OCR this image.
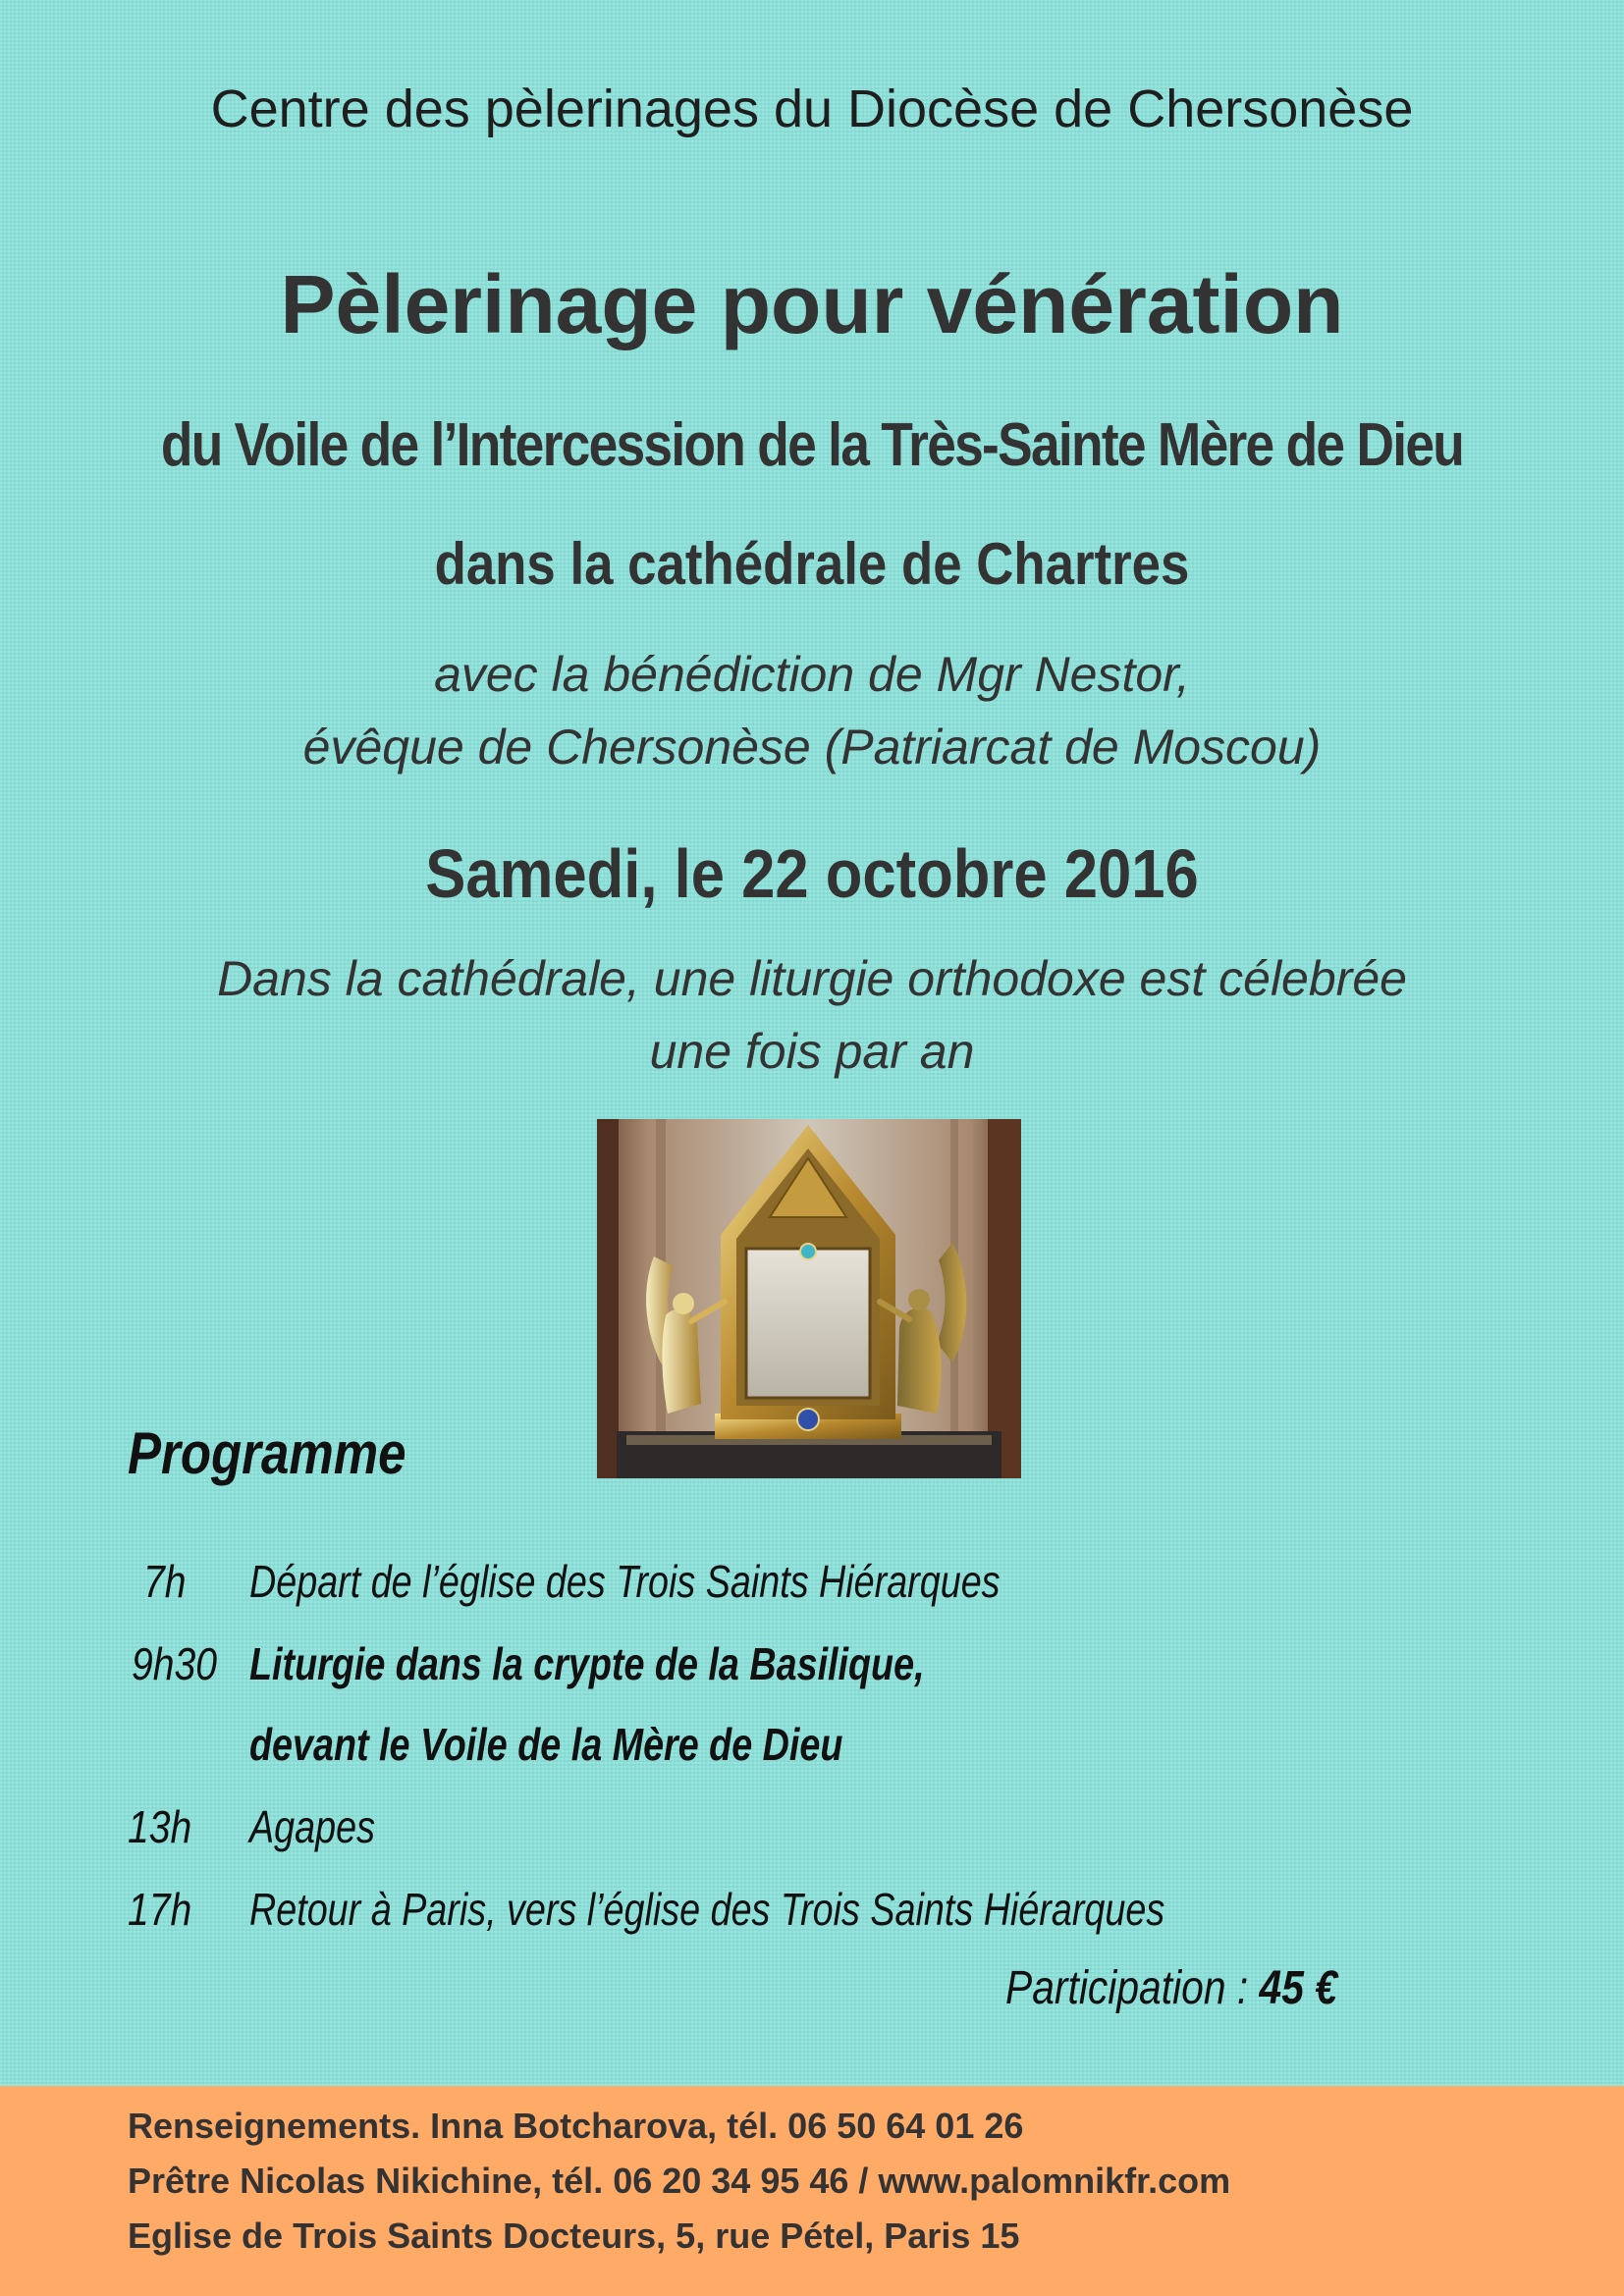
Centre des pèlerinages du Diocèse de Chersonèse
Pèlerinage pour vénération
du Voile de l’Intercession de la Très-Sainte Mère de Dieu
dans la cathédrale de Chartres
avec la bénédiction de Mgr Nestor,
évêque de Chersonèse (Patriarcat de Moscou)
Samedi, le 22 octobre 2016
Dans la cathédrale, une liturgie orthodoxe est célebrée
une fois par an
Programme
7h Départ de l’église des Trois Saints Hiérarques
9h30 Liturgie dans la crypte de la Basilique,
devant le Voile de la Mère de Dieu
13h Agapes
17h Retour à Paris, vers l’église des Trois Saints Hiérarques
Participation : 45 €
Renseignements. Inna Botcharova, tél. 06 50 64 01 26
Prêtre Nicolas Nikichine, tél. 06 20 34 95 46 / www.palomnikfr.com
Eglise de Trois Saints Docteurs, 5, rue Pétel, Paris 15
